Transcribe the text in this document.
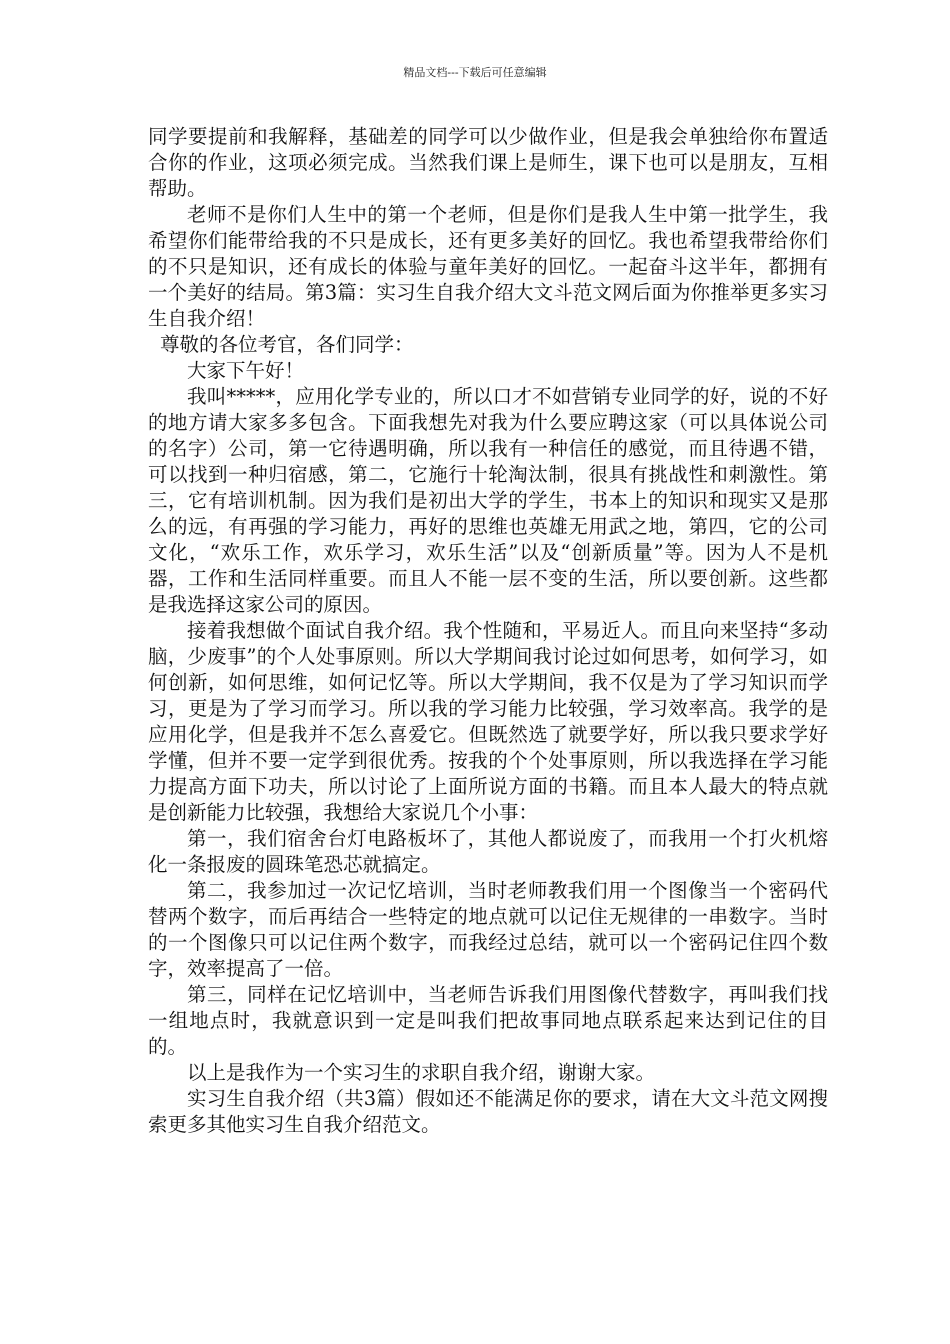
精品文档---下载后可任意编辑

同学要提前和我解释，基础差的同学可以少做作业，但是我会单独给你布置适合你的作业，这项必须完成。当然我们课上是师生，课下也可以是朋友，互相帮助。

老师不是你们人生中的第一个老师，但是你们是我人生中第一批学生，我希望你们能带给我的不只是成长，还有更多美好的回忆。我也希望我带给你们的不只是知识，还有成长的体验与童年美好的回忆。一起奋斗这半年，都拥有一个美好的结局。第3篇：实习生自我介绍大文斗范文网后面为你推举更多实习生自我介绍！

尊敬的各位考官，各们同学：

大家下午好！

我叫*****，应用化学专业的，所以口才不如营销专业同学的好，说的不好的地方请大家多多包含。下面我想先对我为什么要应聘这家（可以具体说公司的名字）公司，第一它待遇明确，所以我有一种信任的感觉，而且待遇不错，可以找到一种归宿感，第二，它施行十轮淘汰制，很具有挑战性和刺激性。第三，它有培训机制。因为我们是初出大学的学生，书本上的知识和现实又是那么的远，有再强的学习能力，再好的思维也英雄无用武之地，第四，它的公司文化，“欢乐工作，欢乐学习，欢乐生活”以及“创新质量”等。因为人不是机器，工作和生活同样重要。而且人不能一层不变的生活，所以要创新。这些都是我选择这家公司的原因。

接着我想做个面试自我介绍。我个性随和，平易近人。而且向来坚持“多动脑，少废事”的个人处事原则。所以大学期间我讨论过如何思考，如何学习，如何创新，如何思维，如何记忆等。所以大学期间，我不仅是为了学习知识而学习，更是为了学习而学习。所以我的学习能力比较强，学习效率高。我学的是应用化学，但是我并不怎么喜爱它。但既然选了就要学好，所以我只要求学好学懂，但并不要一定学到很优秀。按我的个个处事原则，所以我选择在学习能力提高方面下功夫，所以讨论了上面所说方面的书籍。而且本人最大的特点就是创新能力比较强，我想给大家说几个小事：

第一，我们宿舍台灯电路板坏了，其他人都说废了，而我用一个打火机熔化一条报废的圆珠笔恐芯就搞定。

第二，我参加过一次记忆培训，当时老师教我们用一个图像当一个密码代替两个数字，而后再结合一些特定的地点就可以记住无规律的一串数字。当时的一个图像只可以记住两个数字，而我经过总结，就可以一个密码记住四个数字，效率提高了一倍。

第三，同样在记忆培训中，当老师告诉我们用图像代替数字，再叫我们找一组地点时，我就意识到一定是叫我们把故事同地点联系起来达到记住的目的。

以上是我作为一个实习生的求职自我介绍，谢谢大家。

实习生自我介绍（共3篇）假如还不能满足你的要求，请在大文斗范文网搜索更多其他实习生自我介绍范文。
